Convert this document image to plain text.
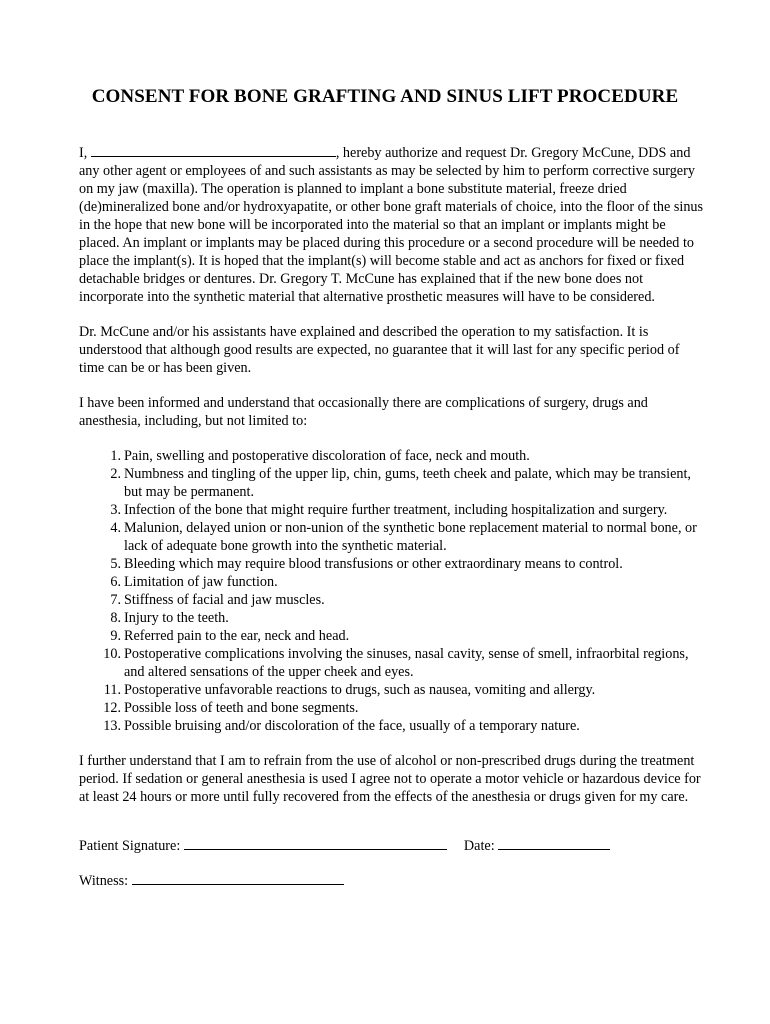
CONSENT FOR BONE GRAFTING AND SINUS LIFT PROCEDURE

I,	, hereby authorize and request Dr. Gregory McCune, DDS and any other agent or employees of and such assistants as may be selected by him to perform corrective surgery on my jaw (maxilla). The operation is planned to implant a bone substitute material, freeze dried (de)mineralized bone and/or hydroxyapatite, or other bone graft materials of choice, into the floor of the sinus in the hope that new bone will be incorporated into the material so that an implant or implants might be placed. An implant or implants may be placed during this procedure or a second procedure will be needed to place the implant(s). It is hoped that the implant(s) will become stable and act as anchors for fixed or fixed detachable bridges or dentures. Dr. Gregory T. McCune has explained that if the new bone does not incorporate into the synthetic material that alternative prosthetic measures will have to be considered.

Dr. McCune and/or his assistants have explained and described the operation to my satisfaction. It is understood that although good results are expected, no guarantee that it will last for any specific period of time can be or has been given.

I have been informed and understand that occasionally there are complications of surgery, drugs and anesthesia, including, but not limited to:

1. Pain, swelling and postoperative discoloration of face, neck and mouth.
2. Numbness and tingling of the upper lip, chin, gums, teeth cheek and palate, which may be transient, but may be permanent.
3. Infection of the bone that might require further treatment, including hospitalization and surgery.
4. Malunion, delayed union or non-union of the synthetic bone replacement material to normal bone, or lack of adequate bone growth into the synthetic material.
5. Bleeding which may require blood transfusions or other extraordinary means to control.
6. Limitation of jaw function.
7. Stiffness of facial and jaw muscles.
8. Injury to the teeth.
9. Referred pain to the ear, neck and head.
10. Postoperative complications involving the sinuses, nasal cavity, sense of smell, infraorbital regions, and altered sensations of the upper cheek and eyes.
11. Postoperative unfavorable reactions to drugs, such as nausea, vomiting and allergy.
12. Possible loss of teeth and bone segments.
13. Possible bruising and/or discoloration of the face, usually of a temporary nature.

I further understand that I am to refrain from the use of alcohol or non-prescribed drugs during the treatment period. If sedation or general anesthesia is used I agree not to operate a motor vehicle or hazardous device for at least 24 hours or more until fully recovered from the effects of the anesthesia or drugs given for my care.

Patient Signature:	Date:
Witness:
